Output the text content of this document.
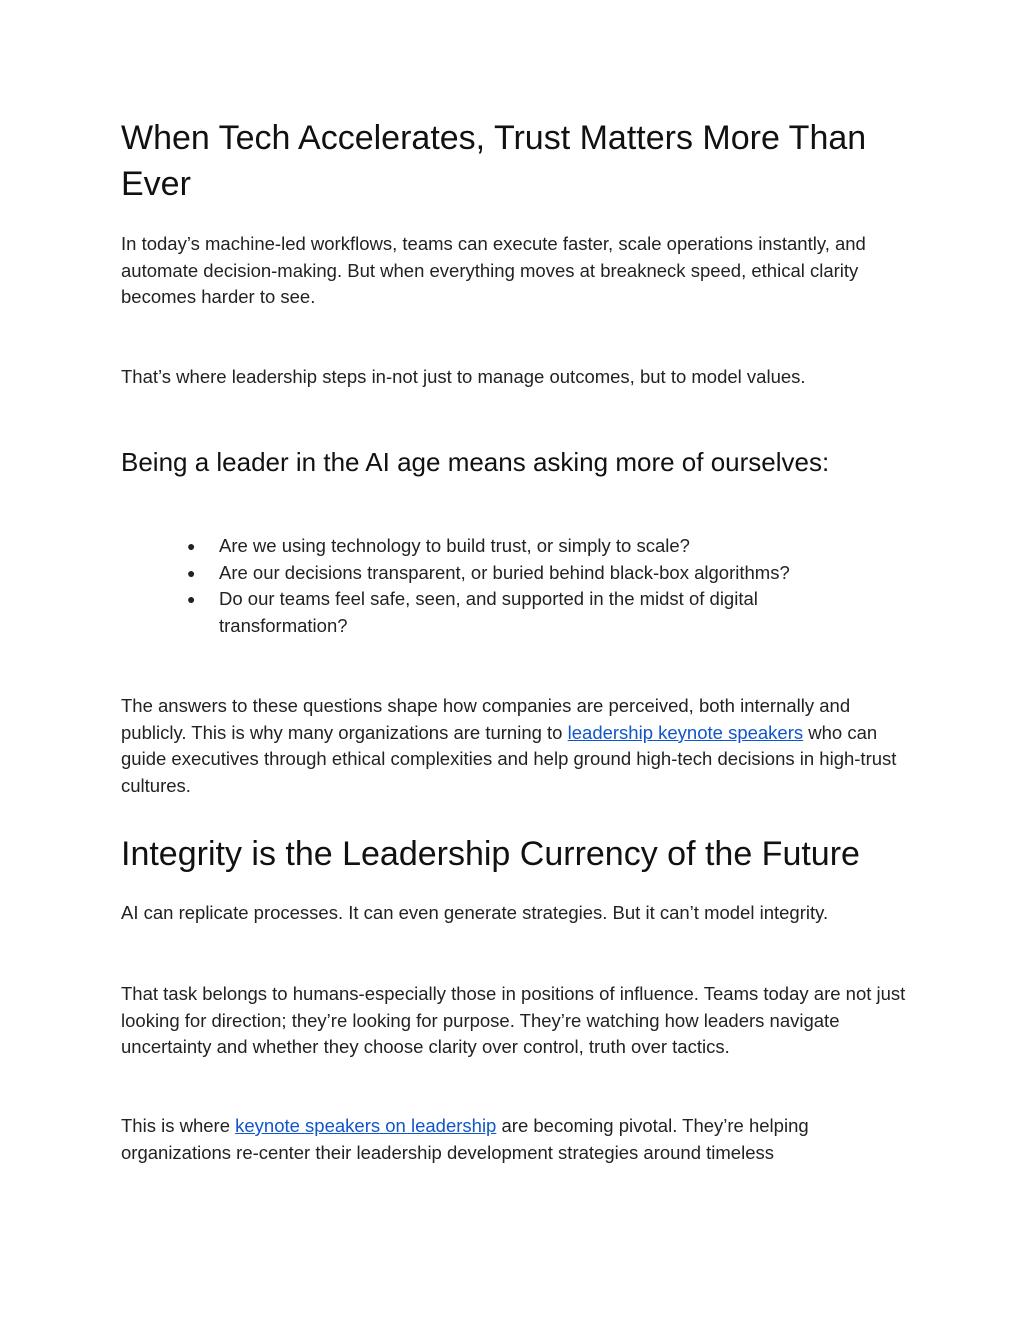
When Tech Accelerates, Trust Matters More Than Ever

In today’s machine-led workflows, teams can execute faster, scale operations instantly, and automate decision-making. But when everything moves at breakneck speed, ethical clarity becomes harder to see.

That’s where leadership steps in-not just to manage outcomes, but to model values.

Being a leader in the AI age means asking more of ourselves:
●	Are we using technology to build trust, or simply to scale?
●	Are our decisions transparent, or buried behind black-box algorithms?
●	Do our teams feel safe, seen, and supported in the midst of digital transformation?

The answers to these questions shape how companies are perceived, both internally and publicly. This is why many organizations are turning to leadership keynote speakers who can guide executives through ethical complexities and help ground high-tech decisions in high-trust cultures.

Integrity is the Leadership Currency of the Future

AI can replicate processes. It can even generate strategies. But it can’t model integrity.

That task belongs to humans-especially those in positions of influence. Teams today are not just looking for direction; they’re looking for purpose. They’re watching how leaders navigate uncertainty and whether they choose clarity over control, truth over tactics.

This is where keynote speakers on leadership are becoming pivotal. They’re helping organizations re-center their leadership development strategies around timeless
